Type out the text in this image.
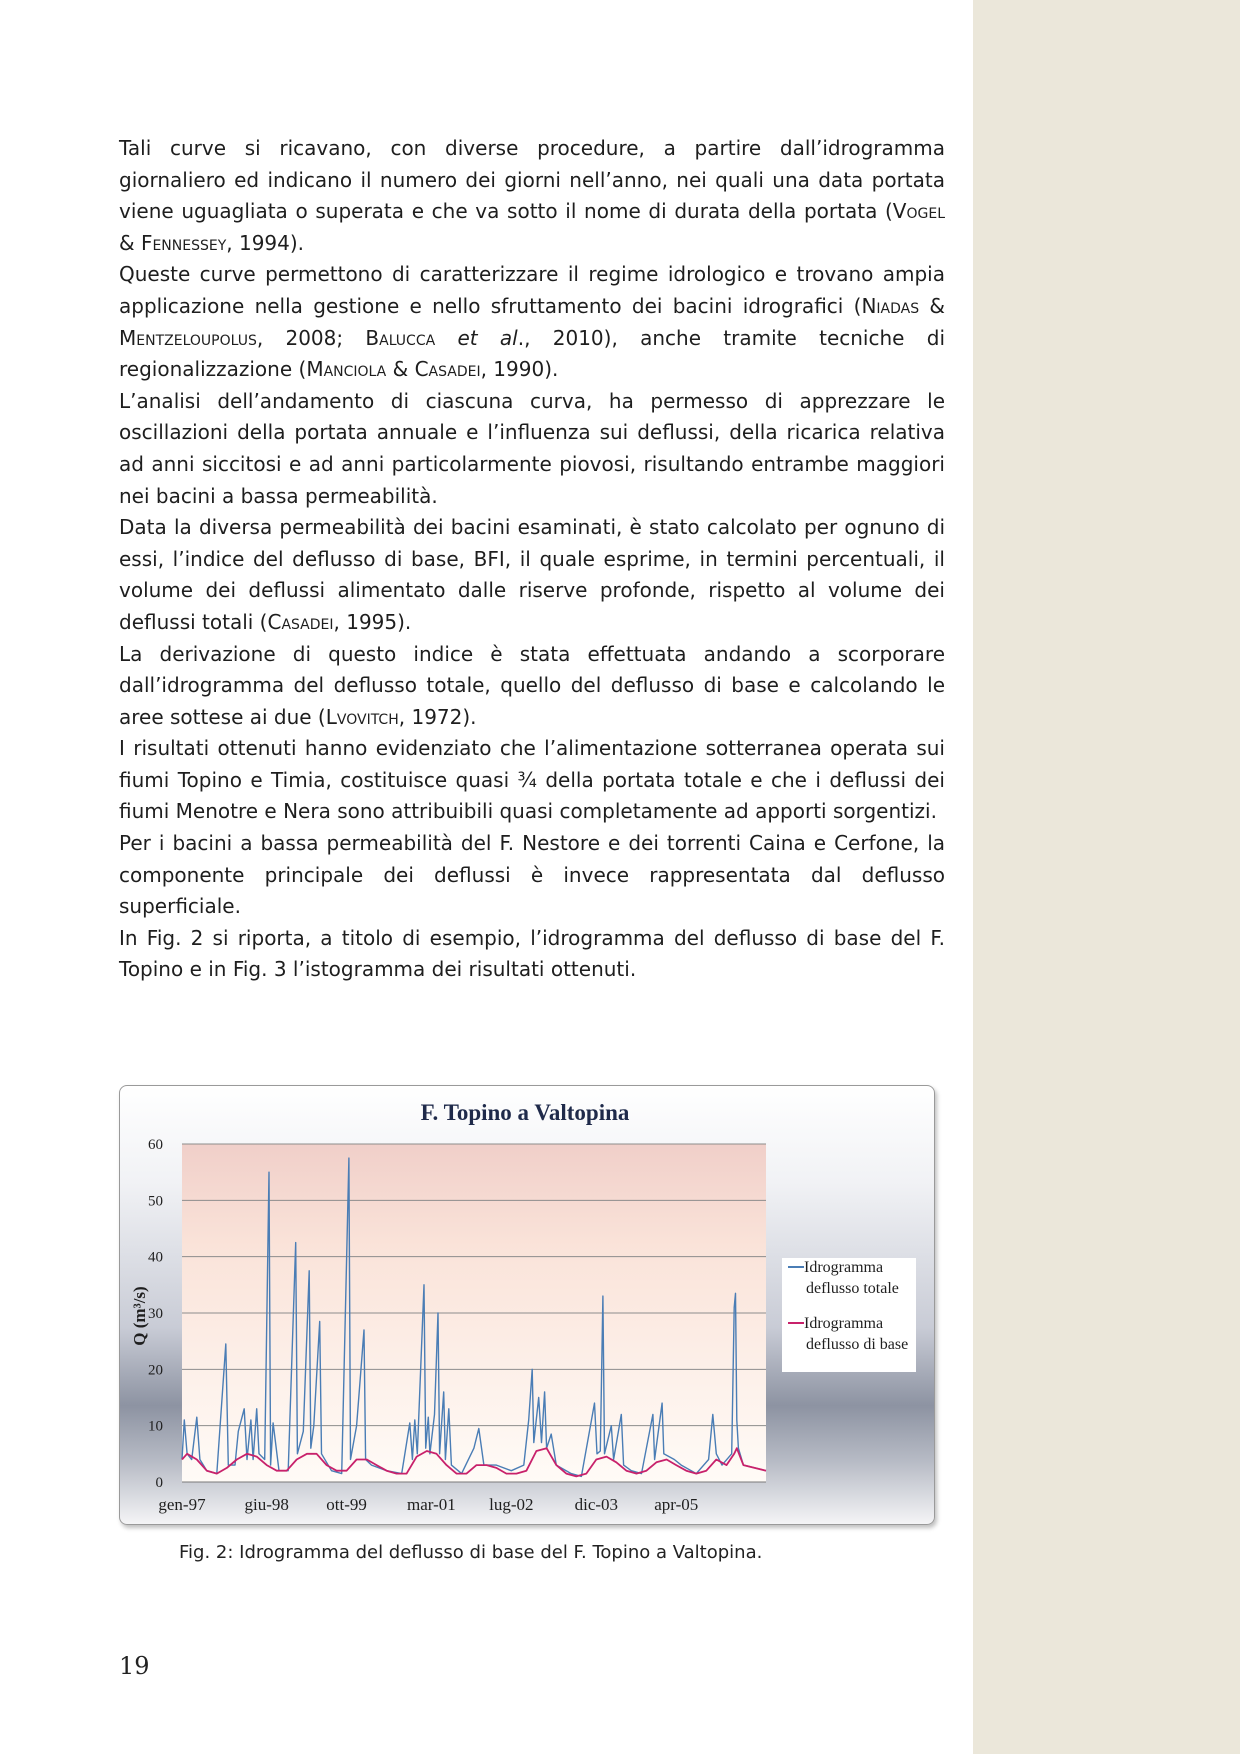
Tali curve si ricavano, con diverse procedure, a partire dall’idrogramma giornaliero ed indicano il numero dei giorni nell’anno, nei quali una data portata viene uguagliata o superata e che va sotto il nome di durata della portata (Vogel & Fennessey, 1994).

Queste curve permettono di caratterizzare il regime idrologico e trovano ampia applicazione nella gestione e nello sfruttamento dei bacini idrografici (Niadas & Mentzeloupolus, 2008; Balucca et al., 2010), anche tramite tecniche di regionalizzazione (Manciola & Casadei, 1990).

L’analisi dell’andamento di ciascuna curva, ha permesso di apprezzare le oscillazioni della portata annuale e l’influenza sui deflussi, della ricarica relativa ad anni siccitosi e ad anni particolarmente piovosi, risultando entrambe maggiori nei bacini a bassa permeabilità.

Data la diversa permeabilità dei bacini esaminati, è stato calcolato per ognuno di essi, l’indice del deflusso di base, BFI, il quale esprime, in termini percentuali, il volume dei deflussi alimentato dalle riserve profonde, rispetto al volume dei deflussi totali (Casadei, 1995).

La derivazione di questo indice è stata effettuata andando a scorporare dall’idrogramma del deflusso totale, quello del deflusso di base e calcolando le aree sottese ai due (Lvovitch, 1972).

I risultati ottenuti hanno evidenziato che l’alimentazione sotterranea operata sui fiumi Topino e Timia, costituisce quasi ¾ della portata totale e che i deflussi dei fiumi Menotre e Nera sono attribuibili quasi completamente ad apporti sorgentizi.

Per i bacini a bassa permeabilità del F. Nestore e dei torrenti Caina e Cerfone, la componente principale dei deflussi è invece rappresentata dal deflusso superficiale.

In Fig. 2 si riporta, a titolo di esempio, l’idrogramma del deflusso di base del F. Topino e in Fig. 3 l’istogramma dei risultati ottenuti.

0
10
20
30
40
50
60
gen-97 giu-98 ott-99 mar-01 lug-02 dic-03 apr-05
F. Topino a Valtopina
Q (m³/s)
Idrogramma
deflusso totale
Idrogramma
deflusso di base
Fig. 2: Idrogramma del deflusso di base del F. Topino a Valtopina.
19
